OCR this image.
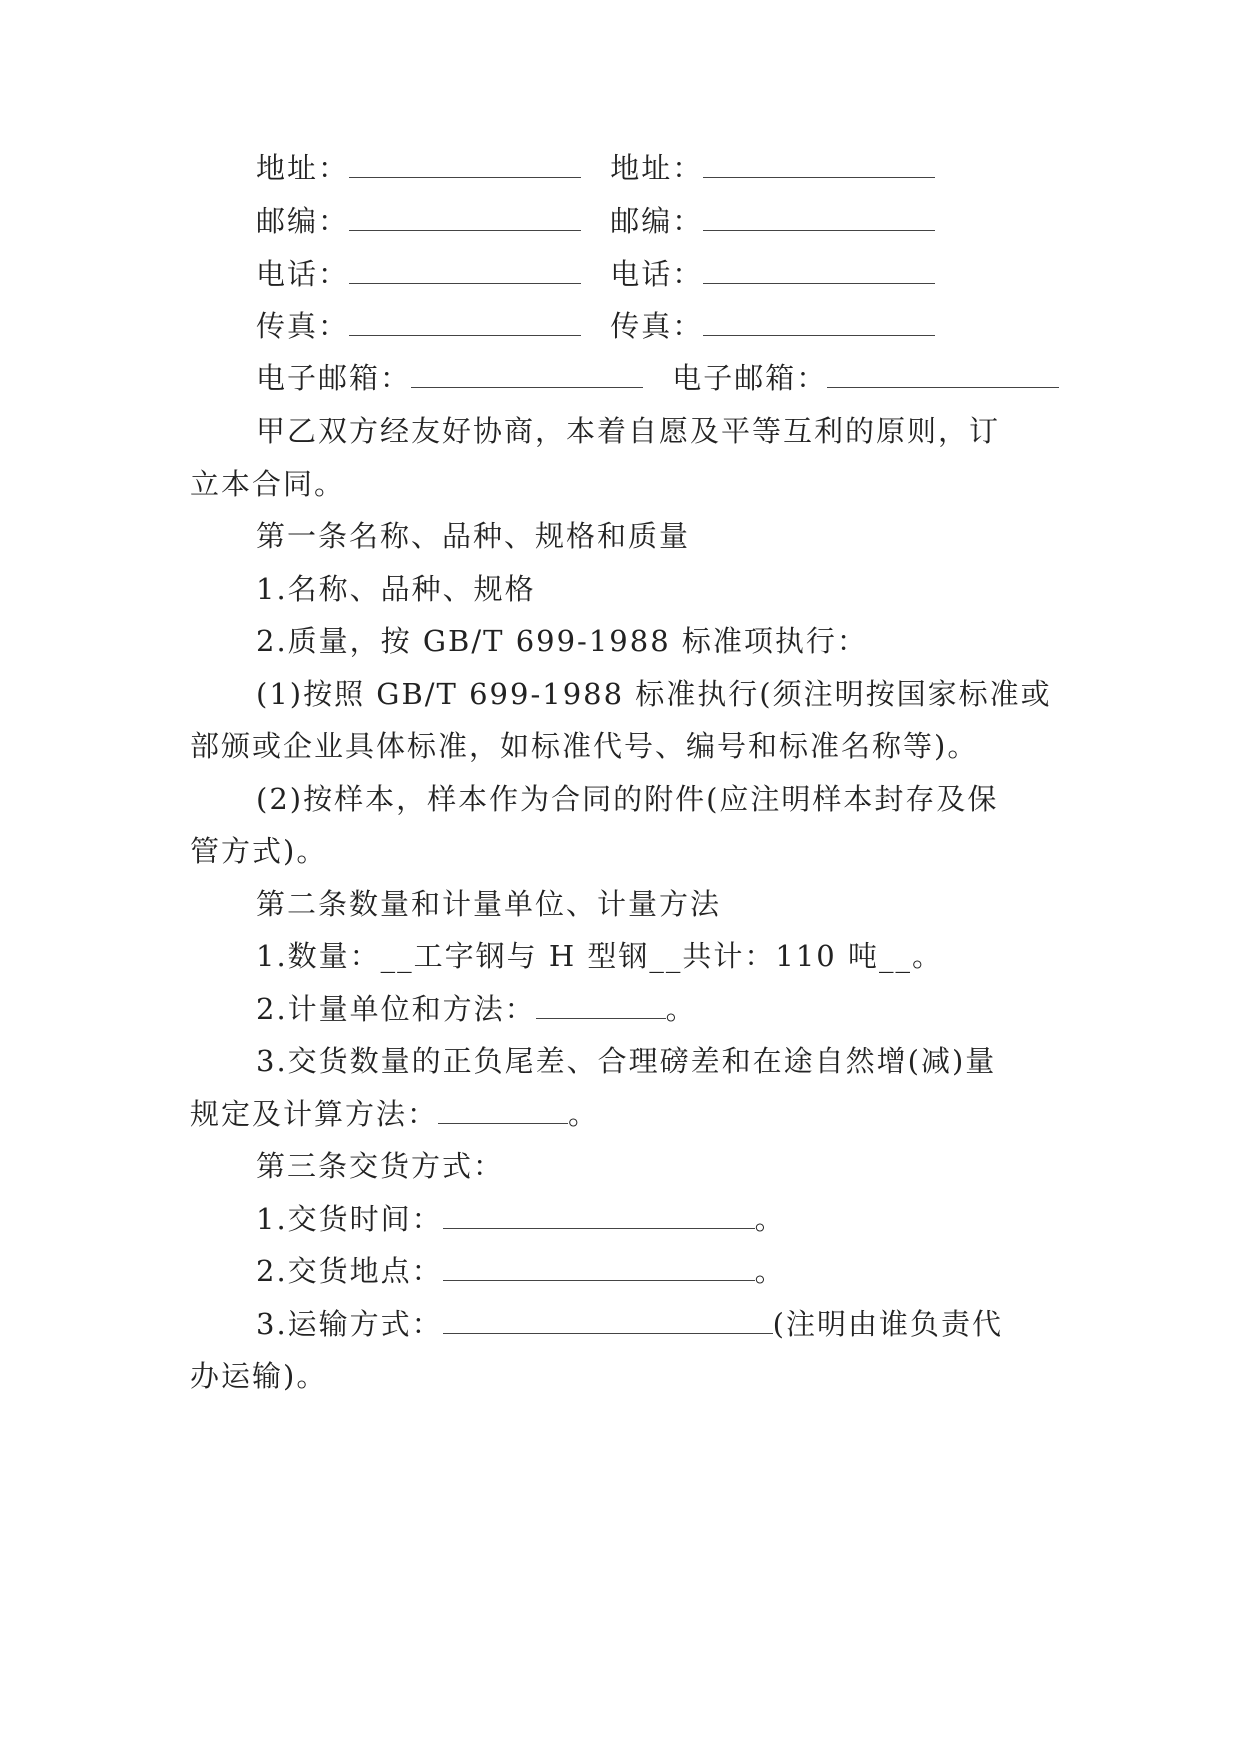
地址：	地址：
邮编：	邮编：
电话：	电话：
传真：	传真：
电子邮箱：	电子邮箱：
甲乙双方经友好协商，本着自愿及平等互利的原则，订
立本合同。
第一条名称、品种、规格和质量
1.名称、品种、规格
2.质量，按 GB/T 699-1988 标准项执行：
(1)按照 GB/T 699-1988 标准执行(须注明按国家标准或
部颁或企业具体标准，如标准代号、编号和标准名称等)。
(2)按样本，样本作为合同的附件(应注明样本封存及保
管方式)。
第二条数量和计量单位、计量方法
1.数量：__工字钢与 H 型钢__共计：110 吨__。
2.计量单位和方法：	。
3.交货数量的正负尾差、合理磅差和在途自然增(减)量
规定及计算方法：	。
第三条交货方式：
1.交货时间：	。
2.交货地点：	。
3.运输方式：	(注明由谁负责代
办运输)。
